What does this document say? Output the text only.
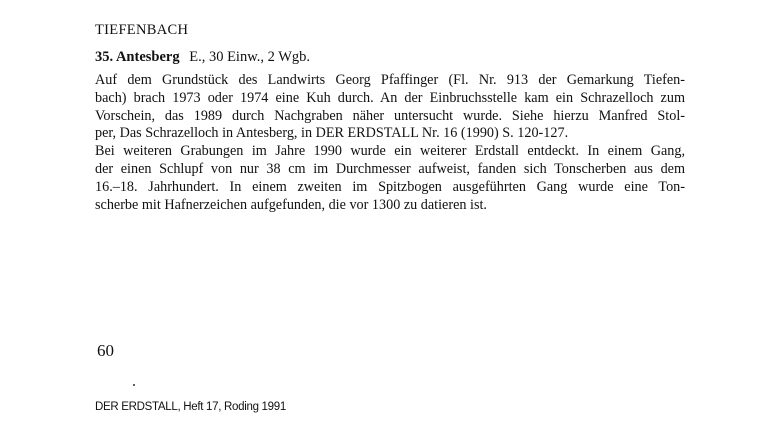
TIEFENBACH
35. Antesberg E., 30 Einw., 2 Wgb.
Auf dem Grundstück des Landwirts Georg Pfaffinger (Fl. Nr. 913 der Gemarkung Tiefen-
bach) brach 1973 oder 1974 eine Kuh durch. An der Einbruchsstelle kam ein Schrazelloch zum
Vorschein, das 1989 durch Nachgraben näher untersucht wurde. Siehe hierzu Manfred Stol-
per, Das Schrazelloch in Antesberg, in DER ERDSTALL Nr. 16 (1990) S. 120-127.
Bei weiteren Grabungen im Jahre 1990 wurde ein weiterer Erdstall entdeckt. In einem Gang,
der einen Schlupf von nur 38 cm im Durchmesser aufweist, fanden sich Tonscherben aus dem
16.–18. Jahrhundert. In einem zweiten im Spitzbogen ausgeführten Gang wurde eine Ton-
scherbe mit Hafnerzeichen aufgefunden, die vor 1300 zu datieren ist.
60
DER ERDSTALL, Heft 17, Roding 1991
